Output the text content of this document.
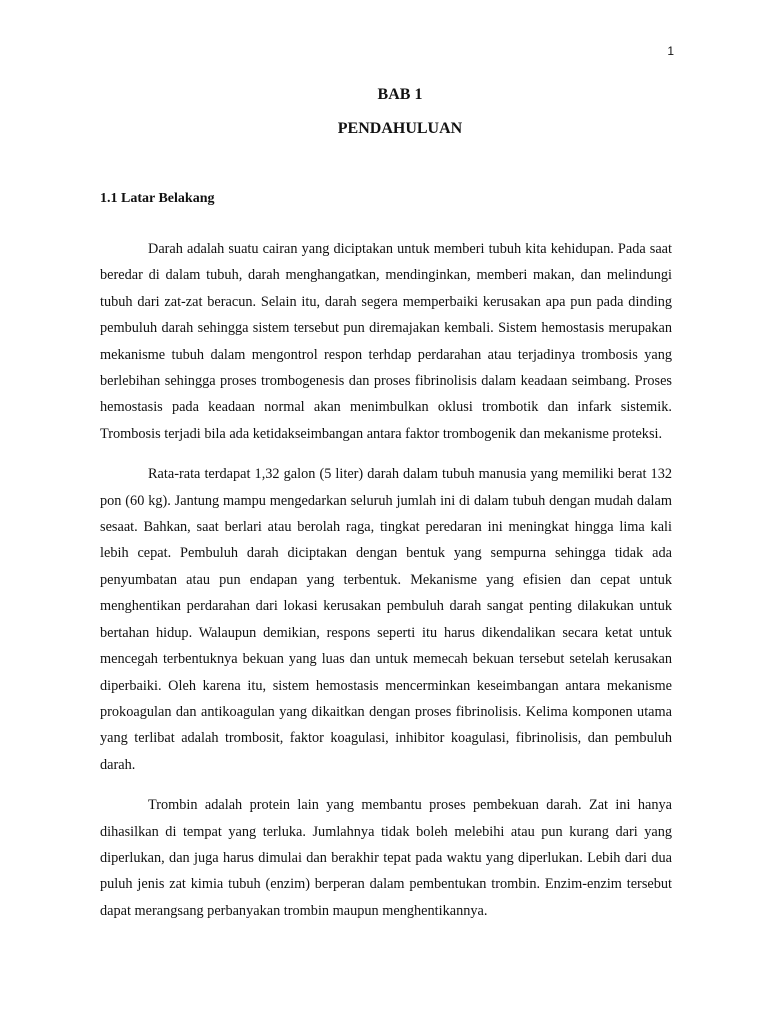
1
BAB 1
PENDAHULUAN
1.1 Latar Belakang

Darah adalah suatu cairan yang diciptakan untuk memberi tubuh kita kehidupan. Pada saat beredar di dalam tubuh, darah menghangatkan, mendinginkan, memberi makan, dan melindungi tubuh dari zat-zat beracun. Selain itu, darah segera memperbaiki kerusakan apa pun pada dinding pembuluh darah sehingga sistem tersebut pun diremajakan kembali. Sistem hemostasis merupakan mekanisme tubuh dalam mengontrol respon terhdap perdarahan atau terjadinya trombosis yang berlebihan sehingga proses trombogenesis dan proses fibrinolisis dalam keadaan seimbang. Proses hemostasis pada keadaan normal akan menimbulkan oklusi trombotik dan infark sistemik. Trombosis terjadi bila ada ketidakseimbangan antara faktor trombogenik dan mekanisme proteksi.

Rata-rata terdapat 1,32 galon (5 liter) darah dalam tubuh manusia yang memiliki berat 132 pon (60 kg). Jantung mampu mengedarkan seluruh jumlah ini di dalam tubuh dengan mudah dalam sesaat. Bahkan, saat berlari atau berolah raga, tingkat peredaran ini meningkat hingga lima kali lebih cepat. Pembuluh darah diciptakan dengan bentuk yang sempurna sehingga tidak ada penyumbatan atau pun endapan yang terbentuk. Mekanisme yang efisien dan cepat untuk menghentikan perdarahan dari lokasi kerusakan pembuluh darah sangat penting dilakukan untuk bertahan hidup. Walaupun demikian, respons seperti itu harus dikendalikan secara ketat untuk mencegah terbentuknya bekuan yang luas dan untuk memecah bekuan tersebut setelah kerusakan diperbaiki. Oleh karena itu, sistem hemostasis mencerminkan keseimbangan antara mekanisme prokoagulan dan antikoagulan yang dikaitkan dengan proses fibrinolisis. Kelima komponen utama yang terlibat adalah trombosit, faktor koagulasi, inhibitor koagulasi, fibrinolisis, dan pembuluh darah.

Trombin adalah protein lain yang membantu proses pembekuan darah. Zat ini hanya dihasilkan di tempat yang terluka. Jumlahnya tidak boleh melebihi atau pun kurang dari yang diperlukan, dan juga harus dimulai dan berakhir tepat pada waktu yang diperlukan. Lebih dari dua puluh jenis zat kimia tubuh (enzim) berperan dalam pembentukan trombin. Enzim-enzim tersebut dapat merangsang perbanyakan trombin maupun menghentikannya.
